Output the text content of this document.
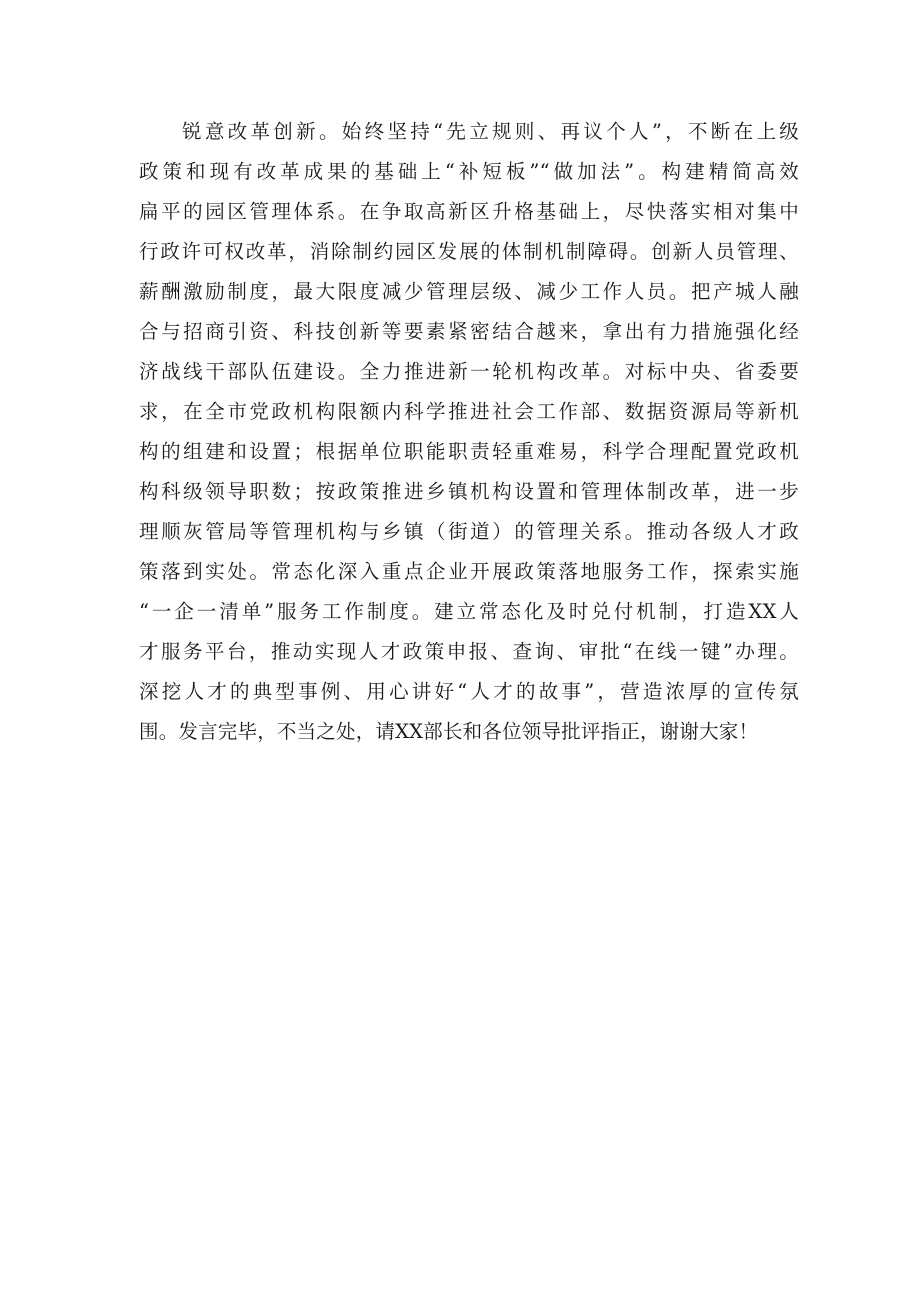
锐意改革创新。始终坚持“先立规则、再议个人”，不断在上级
政策和现有改革成果的基础上“补短板”“做加法”。构建精简高效
扁平的园区管理体系。在争取高新区升格基础上，尽快落实相对集中
行政许可权改革，消除制约园区发展的体制机制障碍。创新人员管理、
薪酬激励制度，最大限度减少管理层级、减少工作人员。把产城人融
合与招商引资、科技创新等要素紧密结合越来，拿出有力措施强化经
济战线干部队伍建设。全力推进新一轮机构改革。对标中央、省委要
求，在全市党政机构限额内科学推进社会工作部、数据资源局等新机
构的组建和设置；根据单位职能职责轻重难易，科学合理配置党政机
构科级领导职数；按政策推进乡镇机构设置和管理体制改革，进一步
理顺灰管局等管理机构与乡镇（街道）的管理关系。推动各级人才政
策落到实处。常态化深入重点企业开展政策落地服务工作，探索实施
“一企一清单”服务工作制度。建立常态化及时兑付机制，打造XX人
才服务平台，推动实现人才政策申报、查询、审批“在线一键”办理。
深挖人才的典型事例、用心讲好“人才的故事”，营造浓厚的宣传氛
围。发言完毕，不当之处，请XX部长和各位领导批评指正，谢谢大家！
